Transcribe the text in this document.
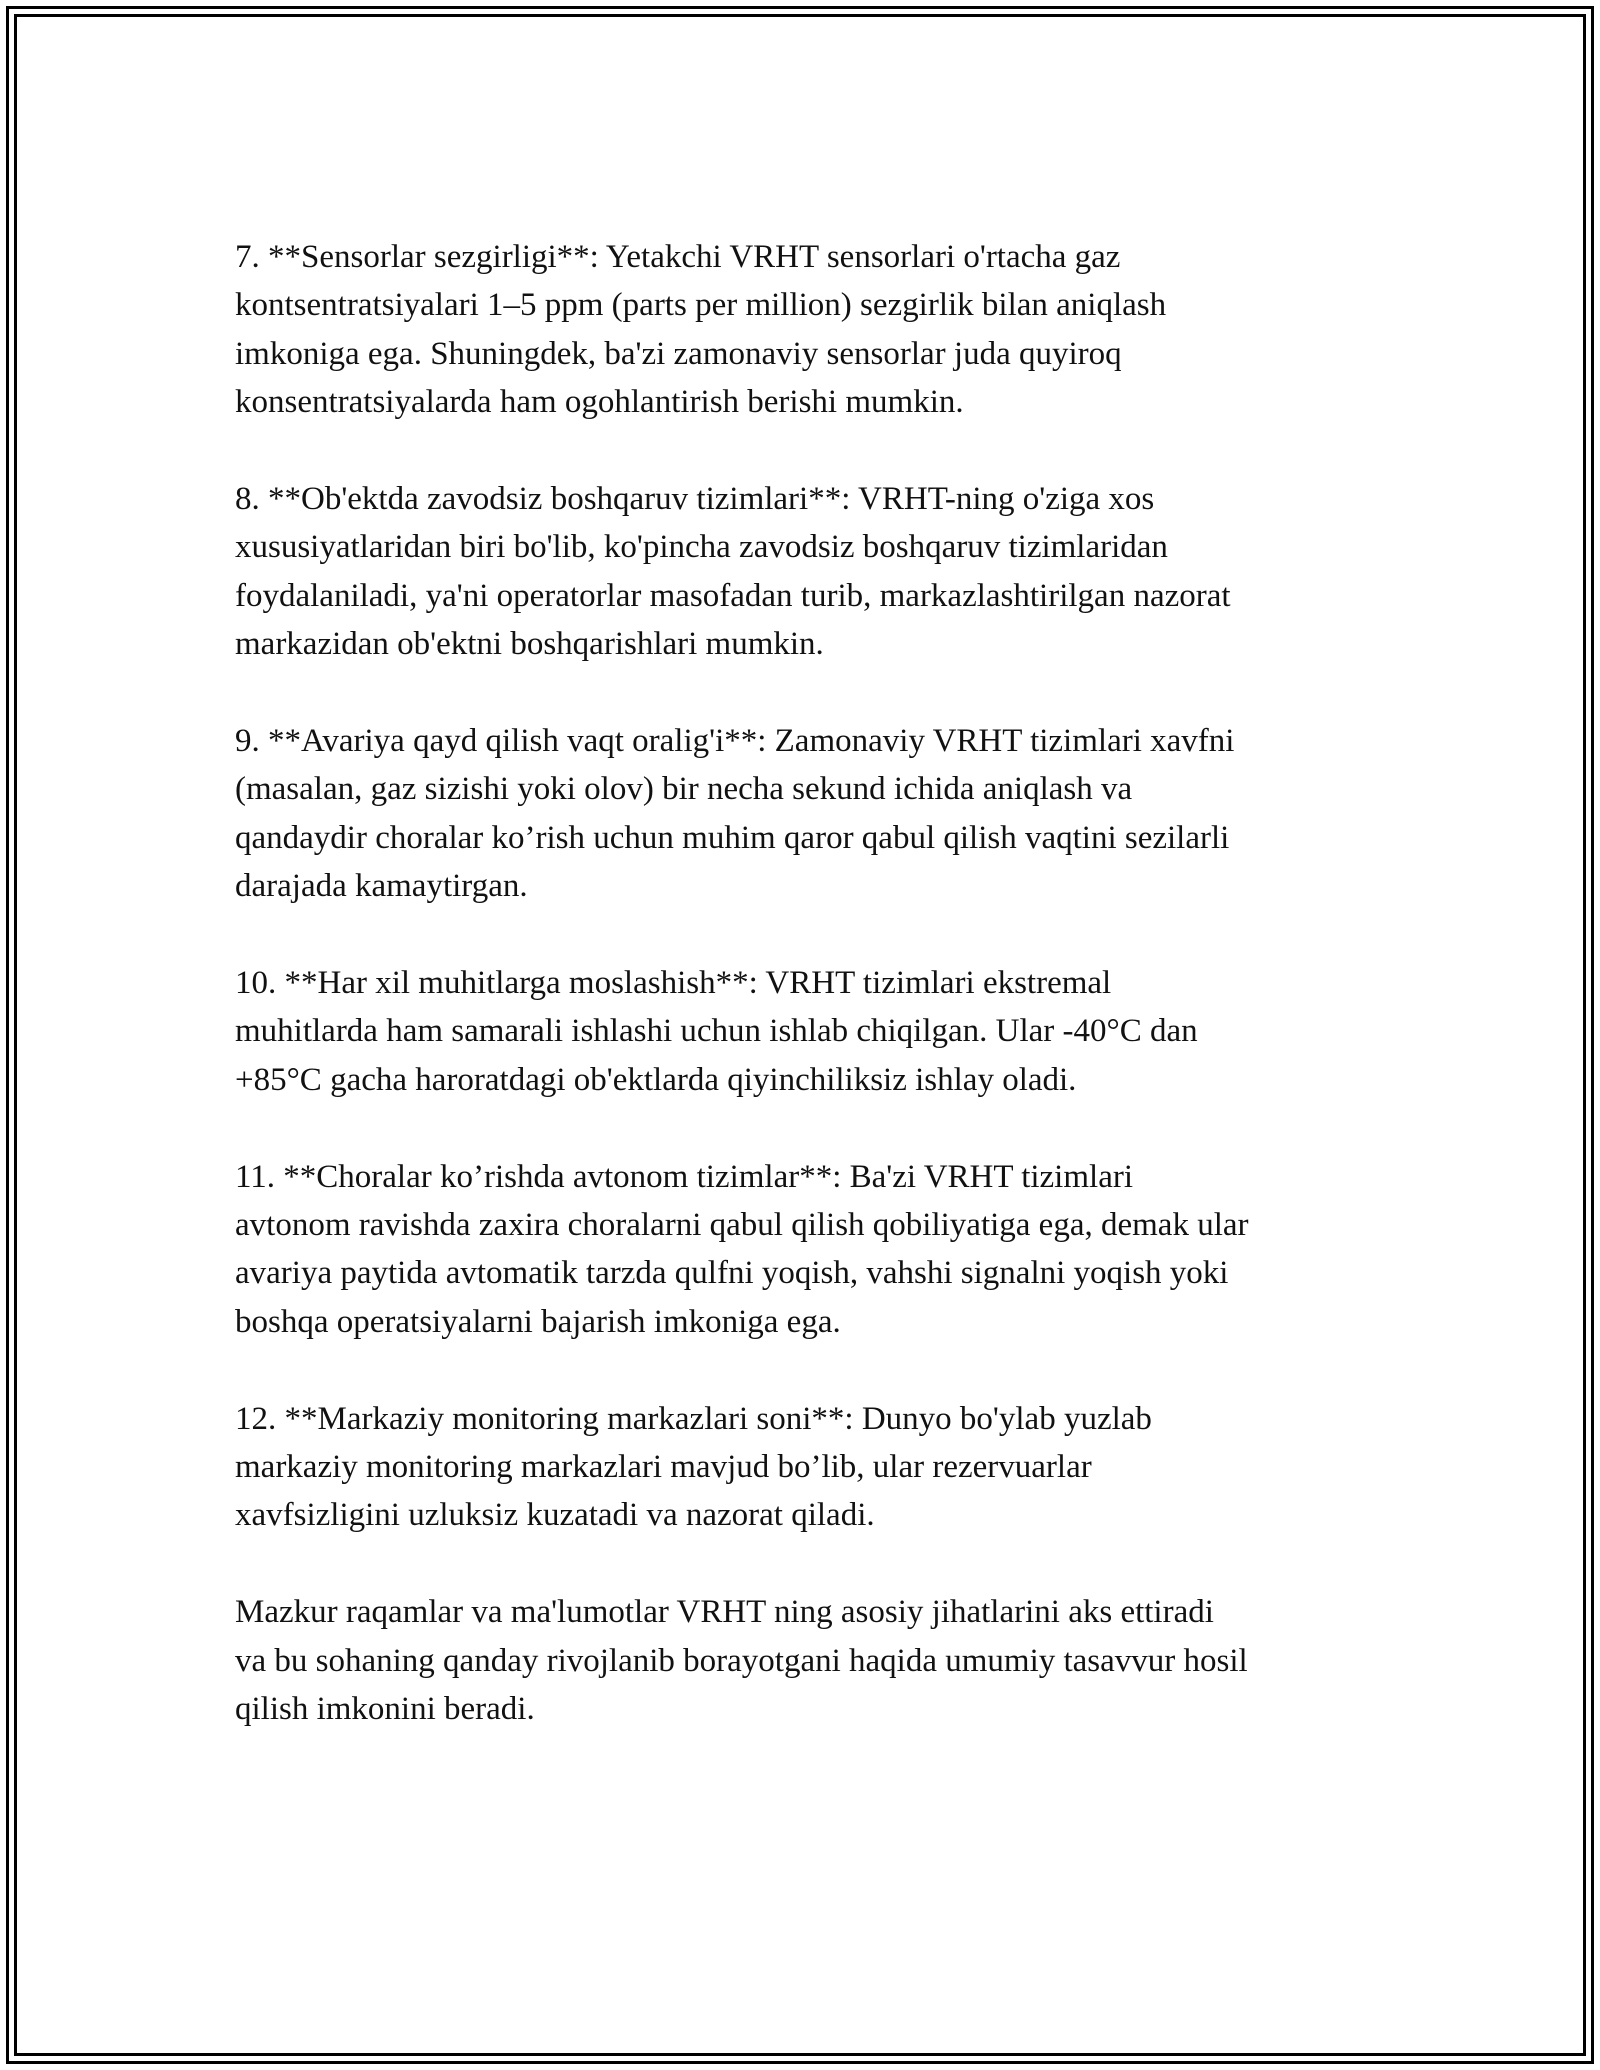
7. **Sensorlar sezgirligi**: Yetakchi VRHT sensorlari o'rtacha gaz
kontsentratsiyalari 1–5 ppm (parts per million) sezgirlik bilan aniqlash
imkoniga ega. Shuningdek, ba'zi zamonaviy sensorlar juda quyiroq
konsentratsiyalarda ham ogohlantirish berishi mumkin.

8. **Ob'ektda zavodsiz boshqaruv tizimlari**: VRHT-ning o'ziga xos
xususiyatlaridan biri bo'lib, ko'pincha zavodsiz boshqaruv tizimlaridan
foydalaniladi, ya'ni operatorlar masofadan turib, markazlashtirilgan nazorat
markazidan ob'ektni boshqarishlari mumkin.

9. **Avariya qayd qilish vaqt oralig'i**: Zamonaviy VRHT tizimlari xavfni
(masalan, gaz sizishi yoki olov) bir necha sekund ichida aniqlash va
qandaydir choralar ko’rish uchun muhim qaror qabul qilish vaqtini sezilarli
darajada kamaytirgan.

10. **Har xil muhitlarga moslashish**: VRHT tizimlari ekstremal
muhitlarda ham samarali ishlashi uchun ishlab chiqilgan. Ular -40°C dan
+85°C gacha haroratdagi ob'ektlarda qiyinchiliksiz ishlay oladi.

11. **Choralar ko’rishda avtonom tizimlar**: Ba'zi VRHT tizimlari
avtonom ravishda zaxira choralarni qabul qilish qobiliyatiga ega, demak ular
avariya paytida avtomatik tarzda qulfni yoqish, vahshi signalni yoqish yoki
boshqa operatsiyalarni bajarish imkoniga ega.

12. **Markaziy monitoring markazlari soni**: Dunyo bo'ylab yuzlab
markaziy monitoring markazlari mavjud bo’lib, ular rezervuarlar
xavfsizligini uzluksiz kuzatadi va nazorat qiladi.

Mazkur raqamlar va ma'lumotlar VRHT ning asosiy jihatlarini aks ettiradi
va bu sohaning qanday rivojlanib borayotgani haqida umumiy tasavvur hosil
qilish imkonini beradi.
